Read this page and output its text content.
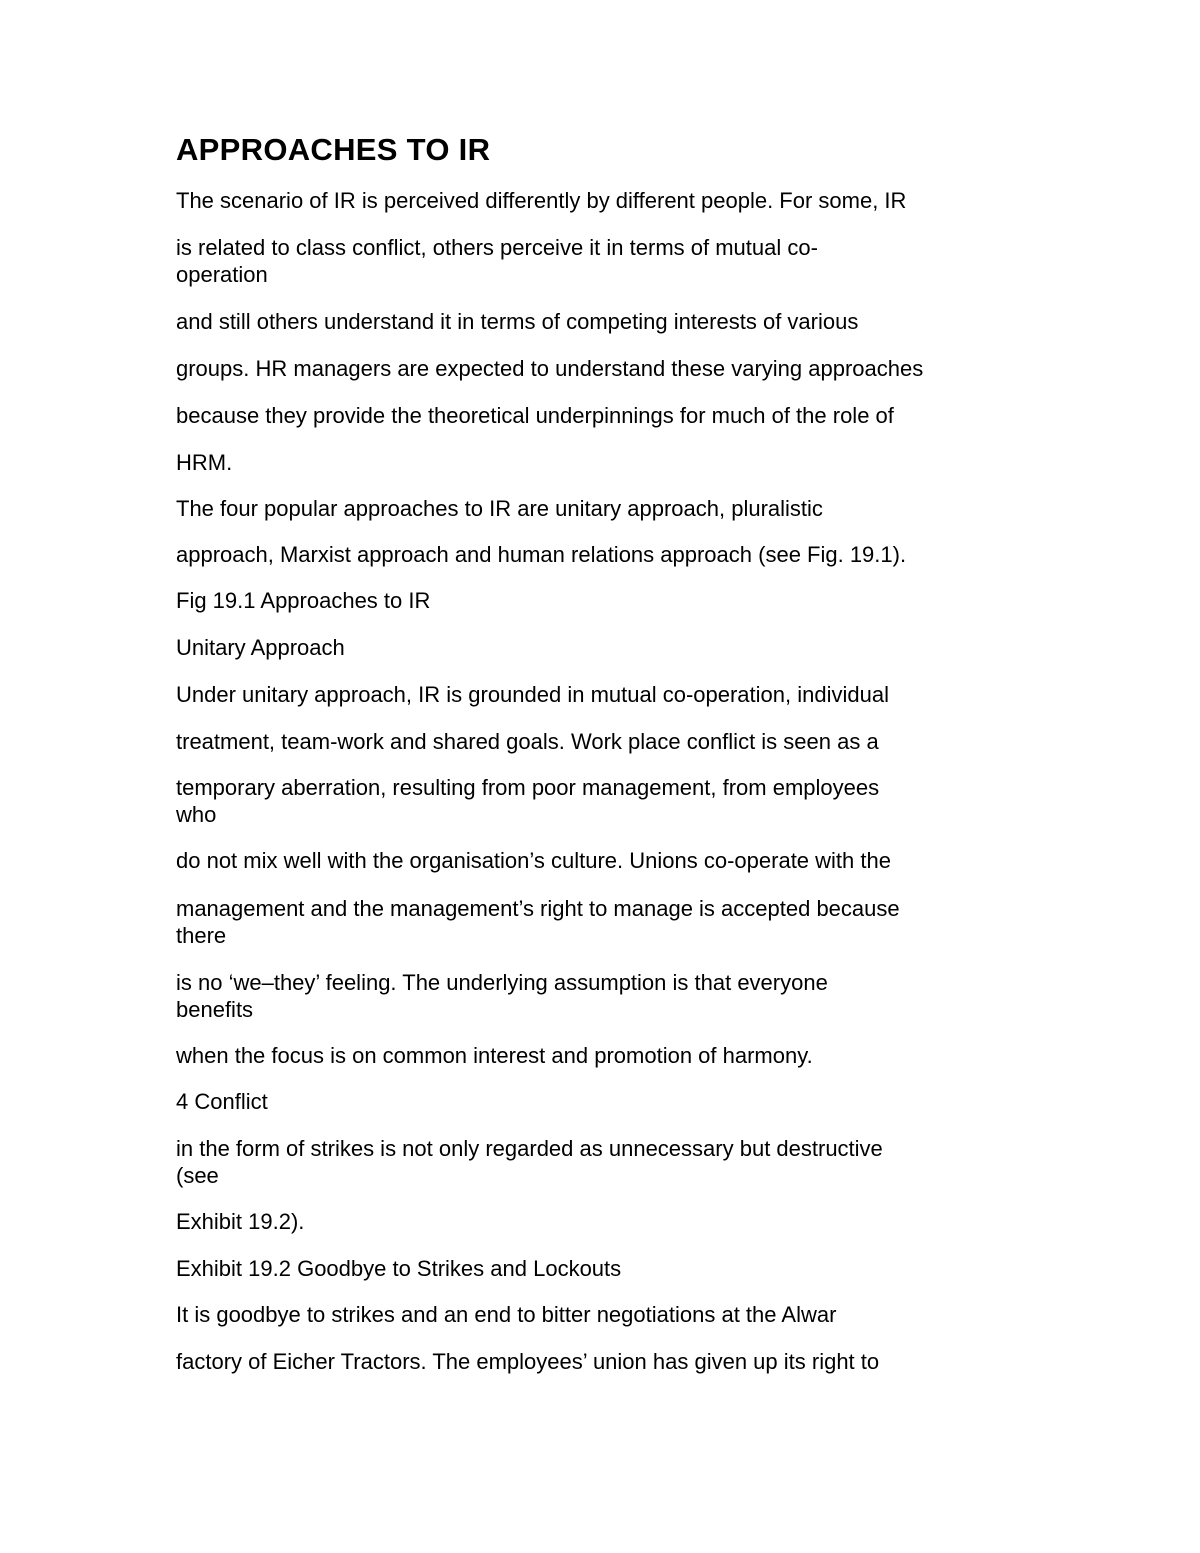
APPROACHES TO IR

The scenario of IR is perceived differently by different people. For some, IR

is related to class conflict, others perceive it in terms of mutual co-

operation

and still others understand it in terms of competing interests of various

groups. HR managers are expected to understand these varying approaches

because they provide the theoretical underpinnings for much of the role of

HRM.

The four popular approaches to IR are unitary approach, pluralistic

approach, Marxist approach and human relations approach (see Fig. 19.1).

Fig 19.1 Approaches to IR

Unitary Approach

Under unitary approach, IR is grounded in mutual co-operation, individual

treatment, team-work and shared goals. Work place conflict is seen as a

temporary aberration, resulting from poor management, from employees

who

do not mix well with the organisation’s culture. Unions co-operate with the

management and the management’s right to manage is accepted because

there

is no ‘we–they’ feeling. The underlying assumption is that everyone

benefits

when the focus is on common interest and promotion of harmony.

4 Conflict

in the form of strikes is not only regarded as unnecessary but destructive

(see

Exhibit 19.2).

Exhibit 19.2 Goodbye to Strikes and Lockouts

It is goodbye to strikes and an end to bitter negotiations at the Alwar

factory of Eicher Tractors. The employees’ union has given up its right to
